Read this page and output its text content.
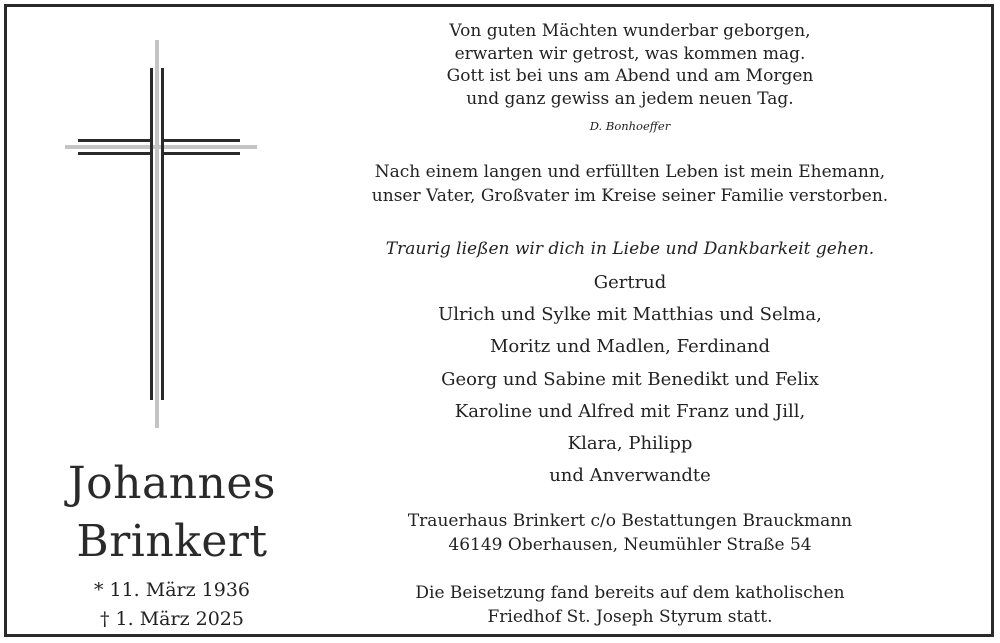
Johannes
Brinkert
* 11. März 1936
† 1. März 2025
Von guten Mächten wunderbar geborgen,
erwarten wir getrost, was kommen mag.
Gott ist bei uns am Abend und am Morgen
und ganz gewiss an jedem neuen Tag.
D. Bonhoeffer
Nach einem langen und erfüllten Leben ist mein Ehemann,
unser Vater, Großvater im Kreise seiner Familie verstorben.
Traurig ließen wir dich in Liebe und Dankbarkeit gehen.
Gertrud
Ulrich und Sylke mit Matthias und Selma,
Moritz und Madlen, Ferdinand
Georg und Sabine mit Benedikt und Felix
Karoline und Alfred mit Franz und Jill,
Klara, Philipp
und Anverwandte
Trauerhaus Brinkert c/o Bestattungen Brauckmann
46149 Oberhausen, Neumühler Straße 54
Die Beisetzung fand bereits auf dem katholischen
Friedhof St. Joseph Styrum statt.
